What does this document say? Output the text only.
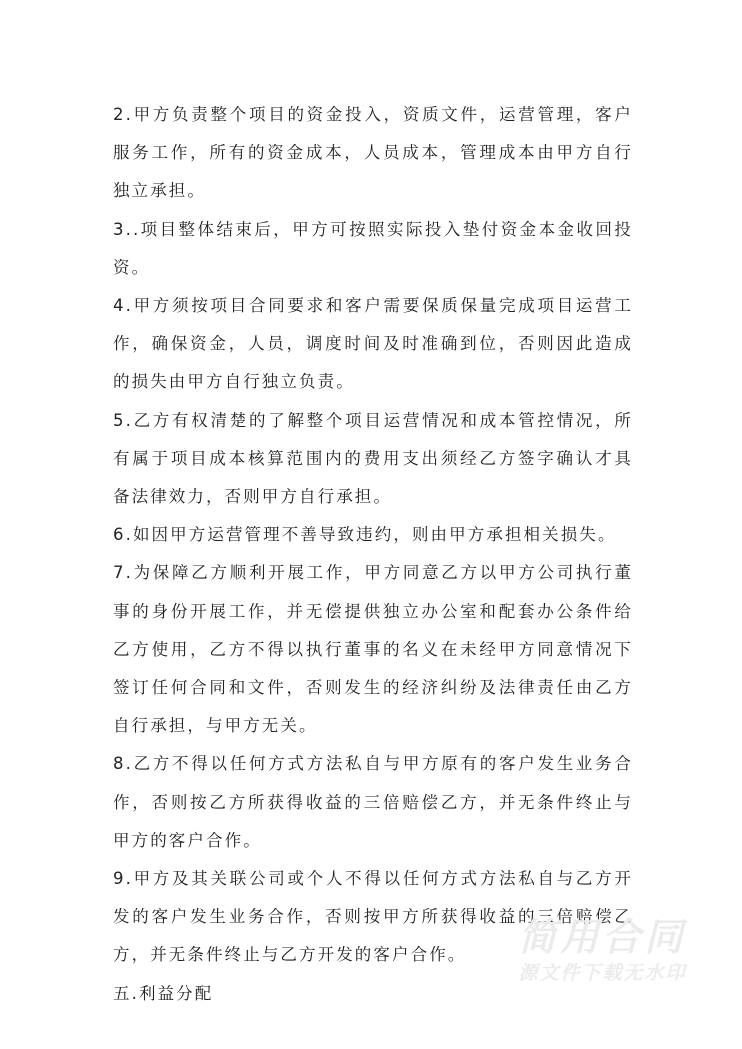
2.甲方负责整个项目的资金投入，资质文件，运营管理，客户服务工作，所有的资金成本，人员成本，管理成本由甲方自行独立承担。

3..项目整体结束后，甲方可按照实际投入垫付资金本金收回投资。

4.甲方须按项目合同要求和客户需要保质保量完成项目运营工作，确保资金，人员，调度时间及时准确到位，否则因此造成的损失由甲方自行独立负责。

5.乙方有权清楚的了解整个项目运营情况和成本管控情况，所有属于项目成本核算范围内的费用支出须经乙方签字确认才具备法律效力，否则甲方自行承担。

6.如因甲方运营管理不善导致违约，则由甲方承担相关损失。

7.为保障乙方顺利开展工作，甲方同意乙方以甲方公司执行董事的身份开展工作，并无偿提供独立办公室和配套办公条件给乙方使用，乙方不得以执行董事的名义在未经甲方同意情况下签订任何合同和文件，否则发生的经济纠纷及法律责任由乙方自行承担，与甲方无关。

8.乙方不得以任何方式方法私自与甲方原有的客户发生业务合作，否则按乙方所获得收益的三倍赔偿乙方，并无条件终止与甲方的客户合作。

9.甲方及其关联公司或个人不得以任何方式方法私自与乙方开发的客户发生业务合作，否则按甲方所获得收益的三倍赔偿乙方，并无条件终止与乙方开发的客户合作。

五.利益分配

简用合同
源文件下载无水印
